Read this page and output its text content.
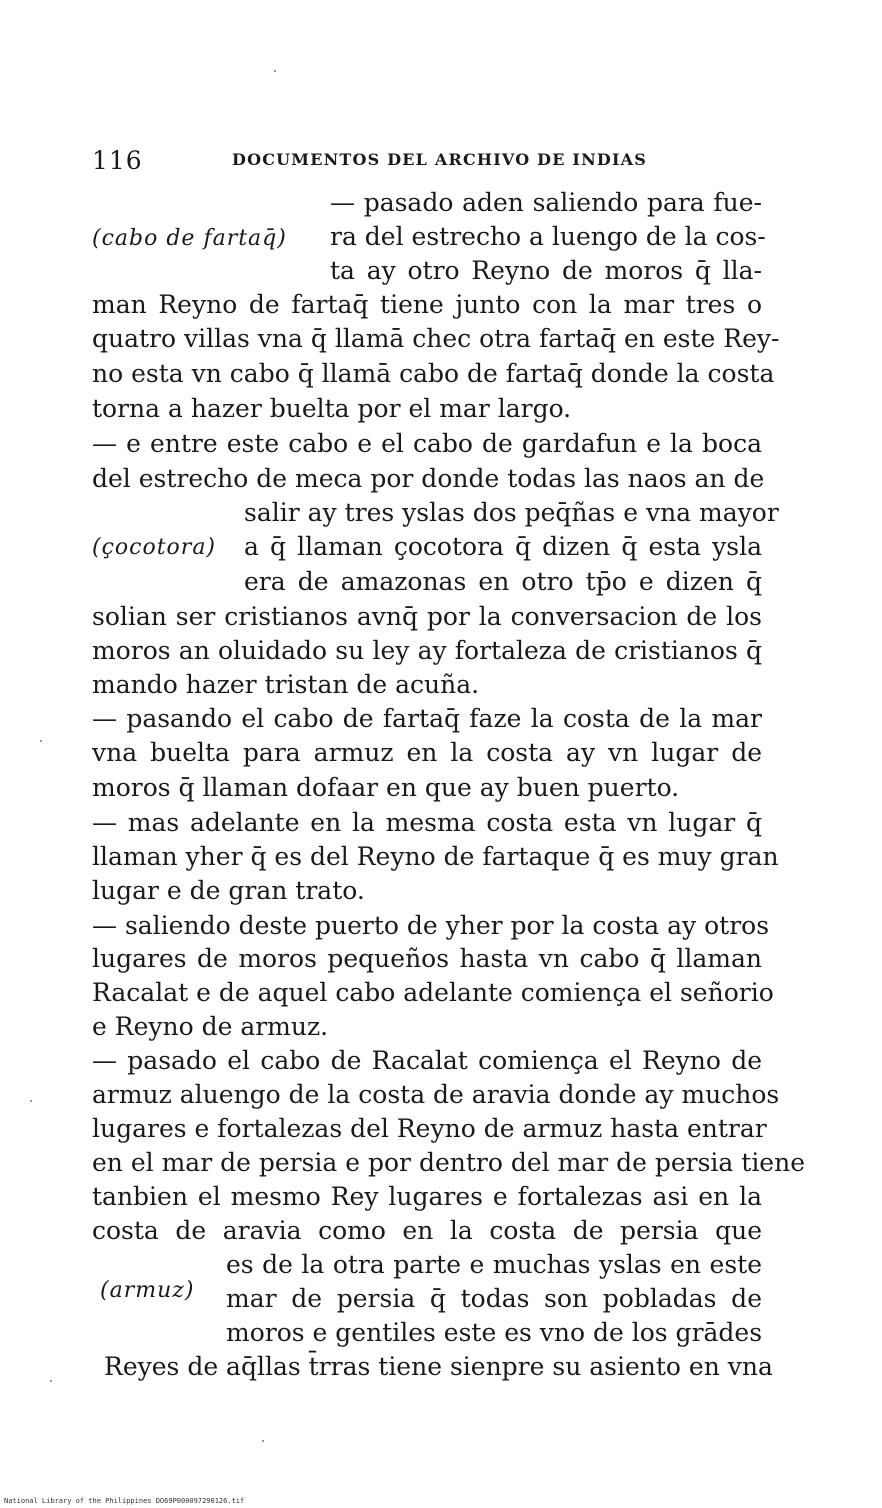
116	DOCUMENTOS DEL ARCHIVO DE INDIAS
(cabo de fartaq̄)
(çocotora)
(armuz)
— pasado aden saliendo para fue-
ra del estrecho a luengo de la cos-
ta ay otro Reyno de moros q̄ lla-
man Reyno de fartaq̄ tiene junto con la mar tres o
quatro villas vna q̄ llamā chec otra fartaq̄ en este Rey-
no esta vn cabo q̄ llamā cabo de fartaq̄ donde la costa
torna a hazer buelta por el mar largo.
— e entre este cabo e el cabo de gardafun e la boca
del estrecho de meca por donde todas las naos an de
salir ay tres yslas dos peq̄ñas e vna mayor
a q̄ llaman çocotora q̄ dizen q̄ esta ysla
era de amazonas en otro tp̄o e dizen q̄
solian ser cristianos avnq̄ por la conversacion de los
moros an oluidado su ley ay fortaleza de cristianos q̄
mando hazer tristan de acuña.
— pasando el cabo de fartaq̄ faze la costa de la mar
vna buelta para armuz en la costa ay vn lugar de
moros q̄ llaman dofaar en que ay buen puerto.
— mas adelante en la mesma costa esta vn lugar q̄
llaman yher q̄ es del Reyno de fartaque q̄ es muy gran
lugar e de gran trato.
— saliendo deste puerto de yher por la costa ay otros
lugares de moros pequeños hasta vn cabo q̄ llaman
Racalat e de aquel cabo adelante comiença el señorio
e Reyno de armuz.
— pasado el cabo de Racalat comiença el Reyno de
armuz aluengo de la costa de aravia donde ay muchos
lugares e fortalezas del Reyno de armuz hasta entrar
en el mar de persia e por dentro del mar de persia tiene
tanbien el mesmo Rey lugares e fortalezas asi en la
costa de aravia como en la costa de persia que
es de la otra parte e muchas yslas en este
mar de persia q̄ todas son pobladas de
moros e gentiles este es vno de los grādes
Reyes de aq̄llas t̄rras tiene sienpre su asiento en vna
National Library of the Philippines DO69P000097290126.tif
